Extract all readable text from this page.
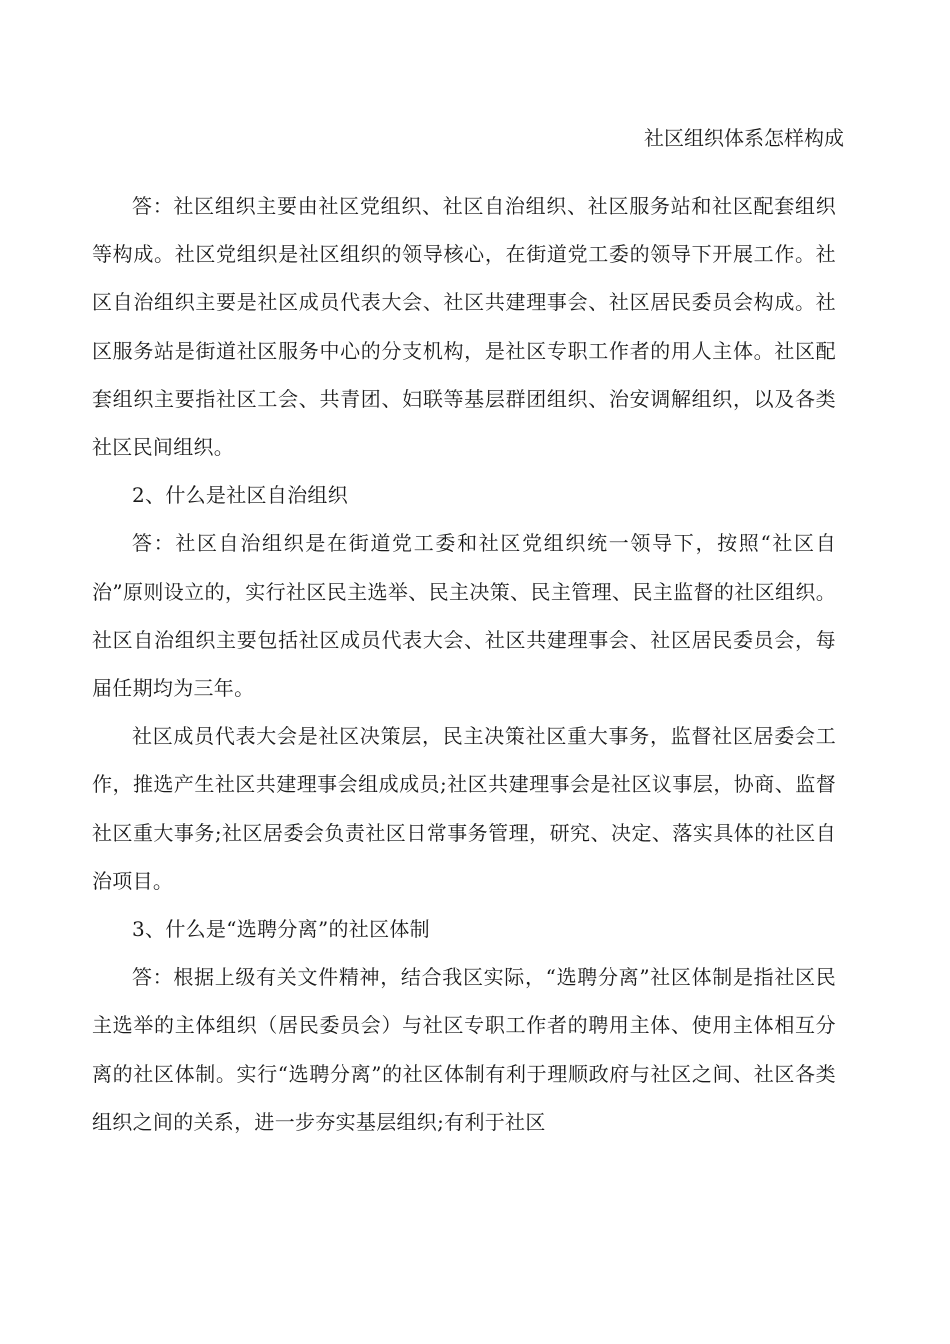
社区组织体系怎样构成

答：社区组织主要由社区党组织、社区自治组织、社区服务站和社区配套组织等构成。社区党组织是社区组织的领导核心，在街道党工委的领导下开展工作。社区自治组织主要是社区成员代表大会、社区共建理事会、社区居民委员会构成。社区服务站是街道社区服务中心的分支机构，是社区专职工作者的用人主体。社区配套组织主要指社区工会、共青团、妇联等基层群团组织、治安调解组织，以及各类社区民间组织。

2、什么是社区自治组织

答：社区自治组织是在街道党工委和社区党组织统一领导下，按照“社区自治”原则设立的，实行社区民主选举、民主决策、民主管理、民主监督的社区组织。社区自治组织主要包括社区成员代表大会、社区共建理事会、社区居民委员会，每届任期均为三年。

社区成员代表大会是社区决策层，民主决策社区重大事务，监督社区居委会工作，推选产生社区共建理事会组成成员;社区共建理事会是社区议事层，协商、监督社区重大事务;社区居委会负责社区日常事务管理，研究、决定、落实具体的社区自治项目。

3、什么是“选聘分离”的社区体制

答：根据上级有关文件精神，结合我区实际，“选聘分离”社区体制是指社区民主选举的主体组织（居民委员会）与社区专职工作者的聘用主体、使用主体相互分离的社区体制。实行“选聘分离”的社区体制有利于理顺政府与社区之间、社区各类组织之间的关系，进一步夯实基层组织;有利于社区
